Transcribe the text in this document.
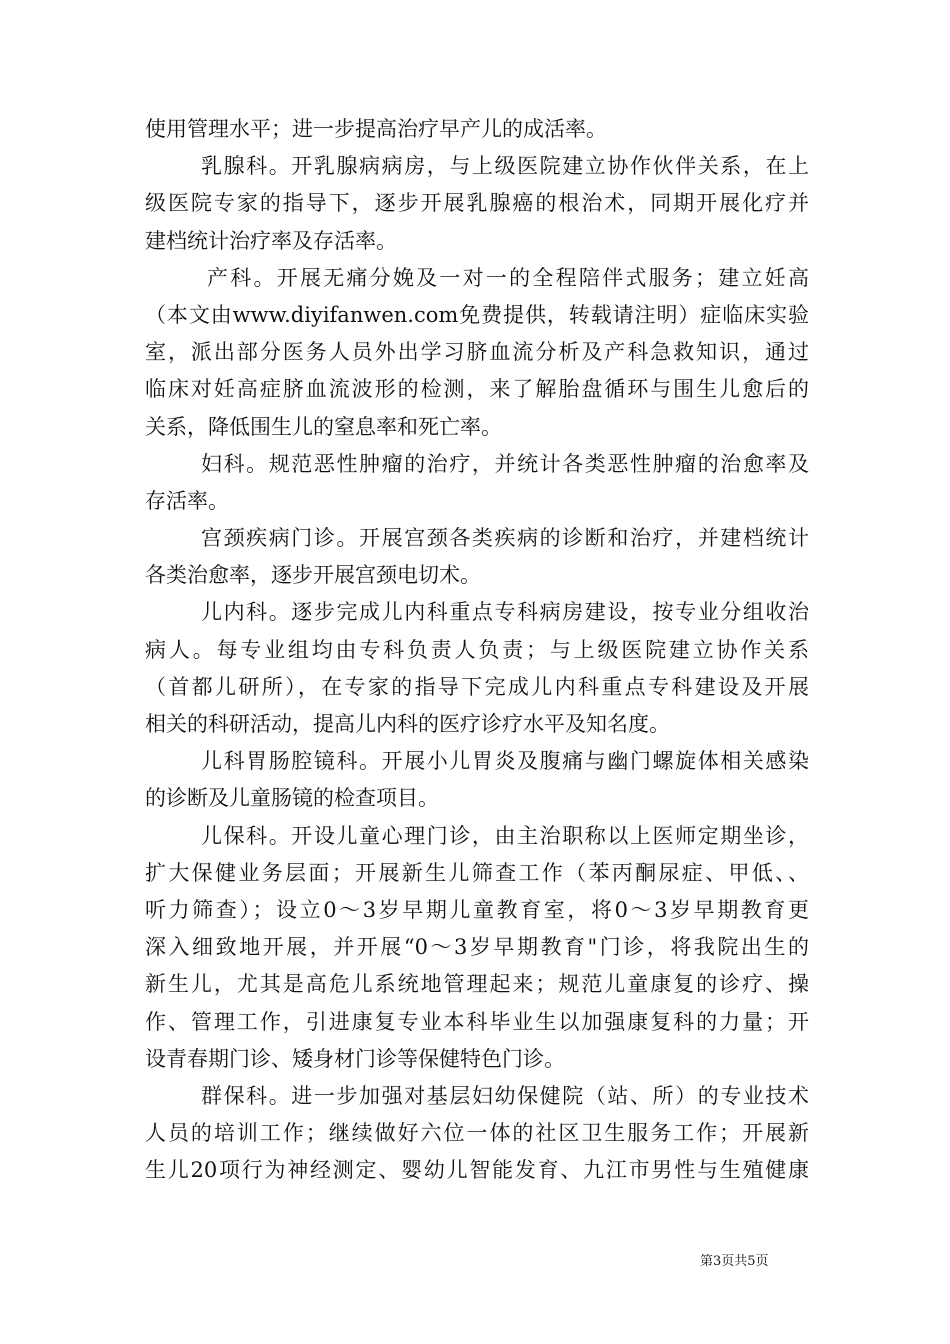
使用管理水平；进一步提高治疗早产儿的成活率。
乳腺科。开乳腺病病房，与上级医院建立协作伙伴关系，在上
级医院专家的指导下，逐步开展乳腺癌的根治术，同期开展化疗并
建档统计治疗率及存活率。
产科。开展无痛分娩及一对一的全程陪伴式服务；建立妊高
（本文由www.diyifanwen.com免费提供，转载请注明）症临床实验
室，派出部分医务人员外出学习脐血流分析及产科急救知识，通过
临床对妊高症脐血流波形的检测，来了解胎盘循环与围生儿愈后的
关系，降低围生儿的窒息率和死亡率。
妇科。规范恶性肿瘤的治疗，并统计各类恶性肿瘤的治愈率及
存活率。
宫颈疾病门诊。开展宫颈各类疾病的诊断和治疗，并建档统计
各类治愈率，逐步开展宫颈电切术。
儿内科。逐步完成儿内科重点专科病房建设，按专业分组收治
病人。每专业组均由专科负责人负责；与上级医院建立协作关系
（首都儿研所），在专家的指导下完成儿内科重点专科建设及开展
相关的科研活动，提高儿内科的医疗诊疗水平及知名度。
儿科胃肠腔镜科。开展小儿胃炎及腹痛与幽门螺旋体相关感染
的诊断及儿童肠镜的检查项目。
儿保科。开设儿童心理门诊，由主治职称以上医师定期坐诊，
扩大保健业务层面；开展新生儿筛查工作（苯丙酮尿症、甲低、、
听力筛查）；设立0～3岁早期儿童教育室，将0～3岁早期教育更
深入细致地开展，并开展“0～3岁早期教育"门诊，将我院出生的
新生儿，尤其是高危儿系统地管理起来；规范儿童康复的诊疗、操
作、管理工作，引进康复专业本科毕业生以加强康复科的力量；开
设青春期门诊、矮身材门诊等保健特色门诊。
群保科。进一步加强对基层妇幼保健院（站、所）的专业技术
人员的培训工作；继续做好六位一体的社区卫生服务工作；开展新
生儿20项行为神经测定、婴幼儿智能发育、九江市男性与生殖健康
第3页共5页
